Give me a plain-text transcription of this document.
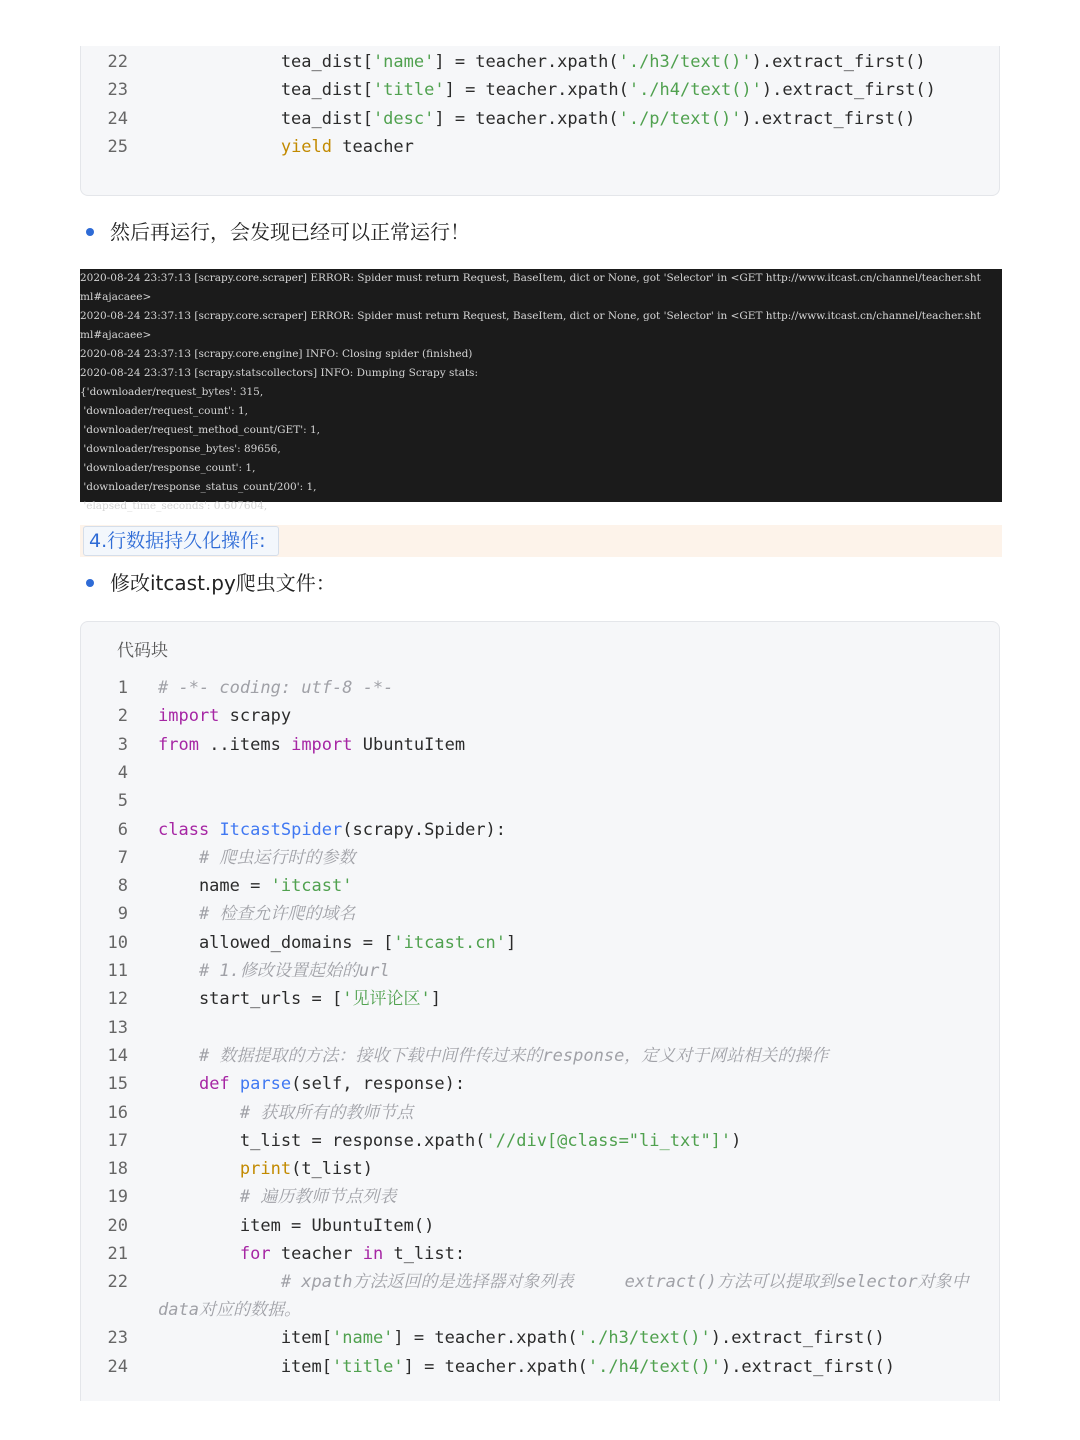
22 tea_dist['name'] = teacher.xpath('./h3/text()').extract_first()
23 tea_dist['title'] = teacher.xpath('./h4/text()').extract_first()
24 tea_dist['desc'] = teacher.xpath('./p/text()').extract_first()
25	yield teacher
然后再运行，会发现已经可以正常运行！
2020-08-24 23:37:13 [scrapy.core.scraper] ERROR: Spider must return Request, BaseItem, dict or None, got 'Selector' in <GET http://www.itcast.cn/channel/teacher.sht
ml#ajacaee>
2020-08-24 23:37:13 [scrapy.core.scraper] ERROR: Spider must return Request, BaseItem, dict or None, got 'Selector' in <GET http://www.itcast.cn/channel/teacher.sht
ml#ajacaee>
2020-08-24 23:37:13 [scrapy.core.engine] INFO: Closing spider (finished)
2020-08-24 23:37:13 [scrapy.statscollectors] INFO: Dumping Scrapy stats:
{'downloader/request_bytes': 315,
'downloader/request_count': 1,
'downloader/request_method_count/GET': 1,
'downloader/response_bytes': 89656,
'downloader/response_count': 1,
'downloader/response_status_count/200': 1,
'elapsed_time_seconds': 0.607604,
4.行数据持久化操作:
修改itcast.py爬虫文件：
代码块
1 # -*- coding: utf-8 -*-
2 import scrapy
3 from ..items import UbuntuItem
4
5
6 class ItcastSpider(scrapy.Spider):
7	# 爬虫运行时的参数
8 name = 'itcast'
9	# 检查允许爬的域名
10 allowed_domains = ['itcast.cn']
11	# 1.修改设置起始的url
12 start_urls = ['见评论区']
13
14	# 数据提取的方法：接收下载中间件传过来的response，定义对于网站相关的操作
15	def parse(self, response):
16	# 获取所有的教师节点
17 t_list = response.xpath('//div[@class="li_txt"]')
18	print(t_list)
19	# 遍历教师节点列表
20 item = UbuntuItem()
21	for teacher in t_list:
22	# xpath方法返回的是选择器对象列表     extract()方法可以提取到selector对象中data对应的数据。
23 item['name'] = teacher.xpath('./h3/text()').extract_first()
24 item['title'] = teacher.xpath('./h4/text()').extract_first()
